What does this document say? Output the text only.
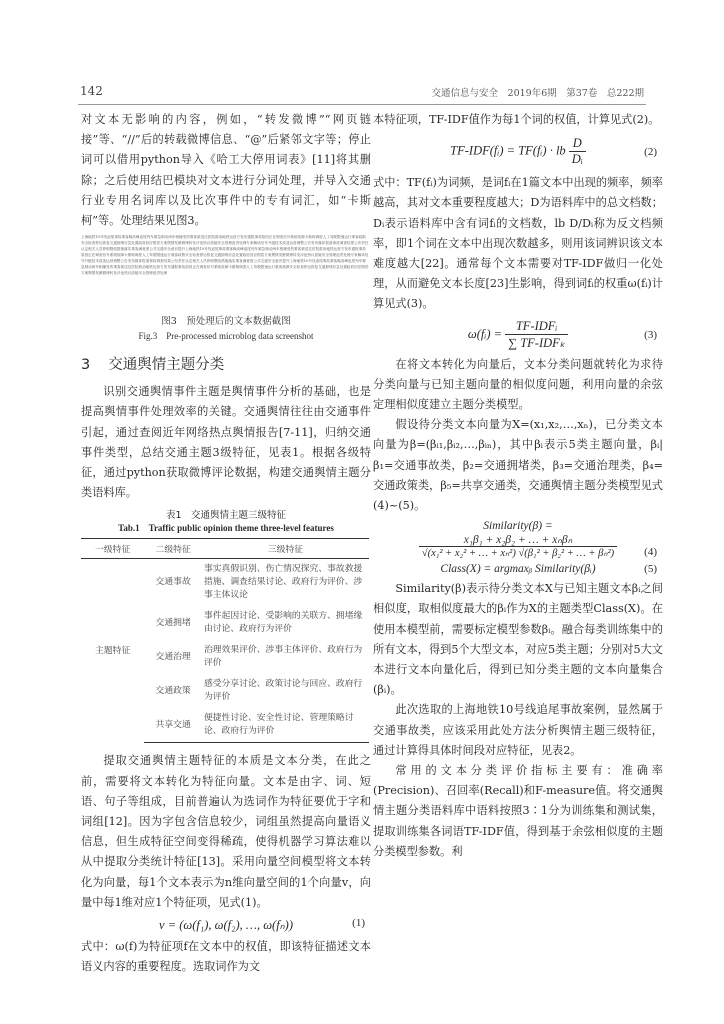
142	交通信息与安全　2019年6期　第37卷　总222期

对文本无影响的内容，例如，“转发微博”“网页链接”等、“//”后的转载微博信息、“@”后紧邻文字等；停止词可以借用python导入《哈工大停用词表》[11]将其删除；之后使用结巴模块对文本进行分词处理，并导入交通行业专用名词库以及比次事件中的专有词汇，如“卡斯柯”等。处理结果见图3。

上海地铁10号线追尾事故乘客晚高峰追尾列车紧急制动两车相撞受伤乘客被送往医院救治地铁运营方发布通报事故原因正在调查信号系统故障卡斯柯调度人工驾驶限速运行乘客疏散安全检查停运恢复交通拥堵应急处置政府回应赔偿方案舆情发酵微博转发评论热议质疑安全管理追责处理专家解读信号升级技术改造运营调整公告发布媒体报道事故调查结果公布责任认定相关人员停职整改措施落实乘客满意度公共交通安全意识提升上海地铁10号线追尾事故乘客晚高峰追尾列车紧急制动两车相撞受伤乘客被送往医院救治地铁运营方发布通报事故原因正在调查信号系统故障卡斯柯调度人工驾驶限速运行乘客疏散安全检查停运恢复交通拥堵应急处置政府回应赔偿方案舆情发酵微博转发评论热议质疑安全管理追责处理专家解读信号升级技术改造运营调整公告发布媒体报道事故调查结果公布责任认定相关人员停职整改措施落实乘客满意度公共交通安全意识提升上海地铁10号线追尾事故乘客晚高峰追尾列车紧急制动两车相撞受伤乘客被送往医院救治地铁运营方发布通报事故原因正在调查信号系统故障卡斯柯调度人工驾驶限速运行乘客疏散安全检查停运恢复交通拥堵应急处置政府回应赔偿方案舆情发酵微博转发评论热议质疑安全管理追责处理
图3　预处理后的文本数据截图
Fig.3　Pre-processed microblog data screenshot
3 交通舆情主题分类

识别交通舆情事件主题是舆情事件分析的基础，也是提高舆情事件处理效率的关键。交通舆情往往由交通事件引起，通过查阅近年网络热点舆情报告[7-11]，归纳交通事件类型，总结交通主题3级特征，见表1。根据各级特征，通过python获取微博评论数据，构建交通舆情主题分类语料库。

表1　交通舆情主题三级特征
Tab.1　Traffic public opinion theme three-level features
一级特征	二级特征	三级特征
主题特征	交通事故	事实真假识别、伤亡情况探究、事故救援措施、调查结果讨论、政府行为评价、涉事主体议论
	交通拥堵	事件起因讨论、受影响的关联方、拥堵缘由讨论、政府行为评价
	交通治理	治理效果评价、涉事主体评价、政府行为评价
	交通政策	感受分享讨论、政策讨论与回应、政府行为评价
	共享交通	便捷性讨论、安全性讨论、管理策略讨论、政府行为评价

提取交通舆情主题特征的本质是文本分类，在此之前，需要将文本转化为特征向量。文本是由字、词、短语、句子等组成，目前普遍认为选词作为特征要优于字和词组[12]。因为字包含信息较少，词组虽然提高向量语义信息，但生成特征空间变得稀疏，使得机器学习算法难以从中提取分类统计特征[13]。采用向量空间模型将文本转化为向量，每1个文本表示为n维向量空间的1个向量v，向量中每1维对应1个特征项，见式(1)。

v = (ω(f₁), ω(f₂), …, ω(fₙ))	(1)

式中：ω(f)为特征项f在文本中的权值，即该特征描述文本语义内容的重要程度。选取词作为文

本特征项，TF-IDF值作为每1个词的权值，计算见式(2)。

TF-IDF(fᵢ) = TF(fᵢ) · lb $\frac{D}{\text{Dᵢ}}$	(2)

式中：TF(fᵢ)为词频，是词fᵢ在1篇文本中出现的频率，频率越高，其对文本重要程度越大；D为语料库中的总文档数；Dᵢ表示语料库中含有词fᵢ的文档数，lb D/Dᵢ称为反文档频率，即1个词在文本中出现次数越多，则用该词辨识该文本难度越大[22]。通常每个文本需要对TF-IDF做归一化处理，从而避免文本长度[23]生影响，得到词fᵢ的权重ω(fᵢ)计算见式(3)。

ω(fᵢ) = $\frac{\text{TF-IDFᵢ}}{\text{∑ TF-IDFₖ}}$	(3)

在将文本转化为向量后，文本分类问题就转化为求待分类向量与已知主题向量的相似度问题，利用向量的余弦定理相似度建立主题分类模型。

假设待分类文本向量为X=(x₁,x₂,…,xₙ)，已分类文本向量为β=(βᵢ₁,βᵢ₂,…,βᵢₙ)，其中βᵢ表示5类主题向量，βᵢ|β₁=交通事故类，β₂=交通拥堵类，β₃=交通治理类，β₄=交通政策类，β₅=共享交通类，交通舆情主题分类模型见式(4)~(5)。

Similarity(β) =
$\frac{\text{x₁β₁ + x₂β₂ + … + xₙβₙ}}{\text{√(x₁² + x₂² + … + xₙ²) √(β₁² + β₂² + … + βₙ²)}} (4)$
Class(X) = argmaxᵦ Similarity(βᵢ)	(5)

Similarity(β)表示待分类文本X与已知主题文本βᵢ之间相似度，取相似度最大的βᵢ作为X的主题类型Class(X)。在使用本模型前，需要标定模型参数βᵢ。融合每类训练集中的所有文本，得到5个大型文本，对应5类主题；分别对5大文本进行文本向量化后，得到已知分类主题的文本向量集合(βᵢ)。

此次选取的上海地铁10号线追尾事故案例，显然属于交通事故类，应该采用此处方法分析舆情主题三级特征，通过计算得具体时间段对应特征，见表2。

常用的文本分类评价指标主要有：准确率(Precision)、召回率(Recall)和F-measure值。将交通舆情主题分类语料库中语料按照3∶1分为训练集和测试集，提取训练集各词语TF-IDF值，得到基于余弦相似度的主题分类模型参数。利
